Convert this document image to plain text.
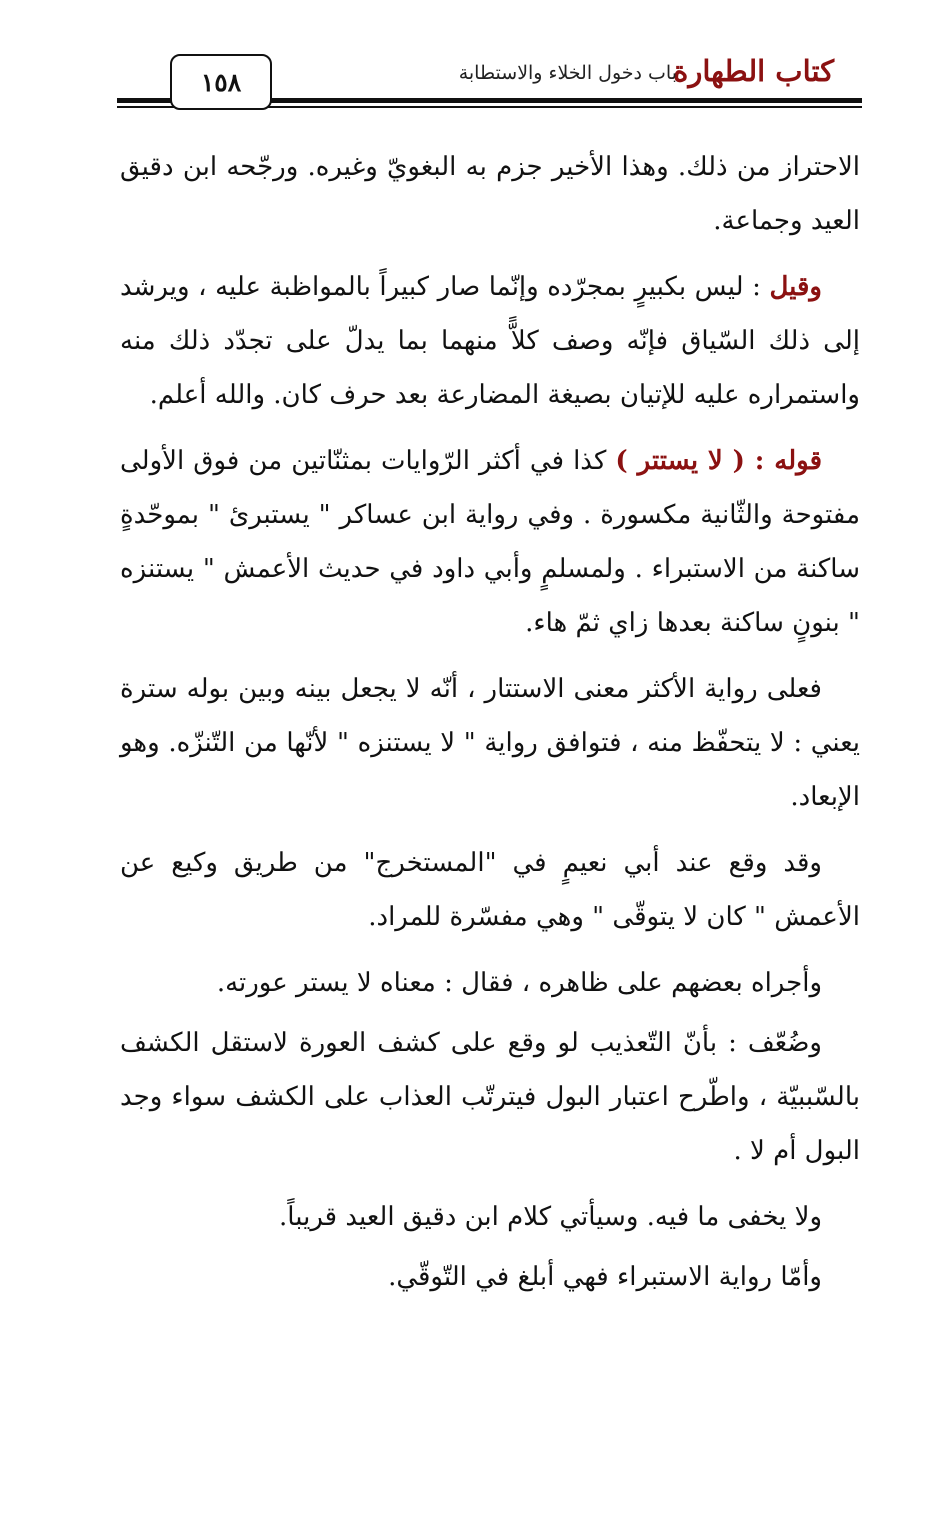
كتاب الطهارة
باب دخول الخلاء والاستطابة
١٥٨

الاحتراز من ذلك. وهذا الأخير جزم به البغويّ وغيره. ورجّحه ابن دقيق العيد وجماعة.

وقيل : ليس بكبيرٍ بمجرّده وإنّما صار كبيراً بالمواظبة عليه ، ويرشد إلى ذلك السّياق فإنّه وصف كلاًّ منهما بما يدلّ على تجدّد ذلك منه واستمراره عليه للإتيان بصيغة المضارعة بعد حرف كان. والله أعلم.

قوله : ( لا يستتر ) كذا في أكثر الرّوايات بمثنّاتين من فوق الأولى مفتوحة والثّانية مكسورة . وفي رواية ابن عساكر " يستبرئ " بموحّدةٍ ساكنة من الاستبراء . ولمسلمٍ وأبي داود في حديث الأعمش " يستنزه " بنونٍ ساكنة بعدها زاي ثمّ هاء.

فعلى رواية الأكثر معنى الاستتار ، أنّه لا يجعل بينه وبين بوله سترة يعني : لا يتحفّظ منه ، فتوافق رواية " لا يستنزه " لأنّها من التّنزّه. وهو الإبعاد.

وقد وقع عند أبي نعيمٍ في "المستخرج" من طريق وكيع عن الأعمش " كان لا يتوقّى " وهي مفسّرة للمراد.

وأجراه بعضهم على ظاهره ، فقال : معناه لا يستر عورته.

وضُعّف : بأنّ التّعذيب لو وقع على كشف العورة لاستقل الكشف بالسّببيّة ، واطّرح اعتبار البول فيترتّب العذاب على الكشف سواء وجد البول أم لا .

ولا يخفى ما فيه. وسيأتي كلام ابن دقيق العيد قريباً.

وأمّا رواية الاستبراء فهي أبلغ في التّوقّي.
